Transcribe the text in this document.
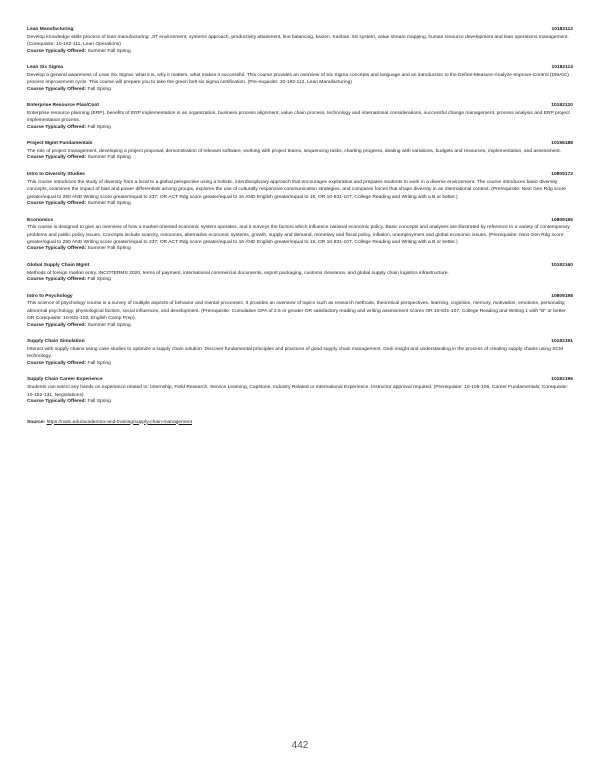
Lean Manufacturing	10182112
Develop knowledge skills process of lean manufacturing: JIT environment, systems approach, productivity attainment, line balancing, kaizen, Kanban. 5S system, value stream mapping, human resource development and lean operations management. (Corequisite: 10-182-111, Lean Operations)
Course Typically Offered: Summer Fall Spring
Lean Six Sigma	10182114
Develop a general awareness of Lean Six Sigma: what it is, why it matters, what makes it successful. This course provides an overview of Six Sigma concepts and language and an introduction to the Define-Measure-Analyze-Improve-Control (DMAIC) process improvement cycle. This course will prepare you to take the green belt six sigma certification. (Pre-requisite: 10-182-112, Lean Manufacturing)
Course Typically Offered: Fall Spring
Enterprise Resource Plan/Cont	10182120
Enterprise resource planning (ERP), benefits of ERP implementation in an organization, business process alignment, value chain process, technology and international considerations, successful change management, process analysis and ERP project implementation process.
Course Typically Offered: Fall Spring
Project Mgmt Fundamentals	10196188
The role of project management, developing a project proposal, demonstration of relevant software, working with project teams, sequencing tasks, charting progress, dealing with variations, budgets and resources, implementation, and assessment.
Course Typically Offered: Summer Fall Spring
Intro to Diversity Studies	10809172
This course introduces the study of diversity from a local to a global perspective using a holistic, interdisciplinary approach that encourages exploration and prepares students to work in a diverse environment. The course introduces basic diversity concepts, examines the impact of bias and power differentials among groups, explores the use of culturally responsive communication strategies, and compares forces that shape diversity in an international context. (Prerequisite: Next Gen Rdg score greater/equal to 250 AND Writing score greater/equal to 237; OR ACT Rdg score greater/equal to 16 AND English greater/equal to 15; OR 10-831-107, College Reading and Writing with a B or better.)
Course Typically Offered: Summer Fall Spring
Economics	10809195
This course is designed to give an overview of how a market-oriented economic system operates, and it surveys the factors which influence national economic policy. Basic concepts and analyses are illustrated by reference to a variety of contemporary problems and public policy issues. Concepts include scarcity, resources, alternative economic systems, growth, supply and demand, monetary and fiscal policy, inflation, unemployment and global economic issues. (Prerequisite: Next Gen Rdg score greater/equal to 250 AND Writing score greater/equal to 237; OR ACT Rdg score greater/equal to 16 AND English greater/equal to 15; OR 10-831-107, College Reading and Writing with a B or better.)
Course Typically Offered: Summer Fall Spring
Global Supply Chain Mgmt	10182160
Methods of foreign market entry, INCOTERMS 2020, terms of payment, international commercial documents, export packaging, customs clearance, and global supply chain logistics infrastructure.
Course Typically Offered: Fall Spring
Intro to Psychology	10809198
This science of psychology course is a survey of multiple aspects of behavior and mental processes. It provides an overview of topics such as research methods, theoretical perspectives, learning, cognition, memory, motivation, emotions, personality, abnormal psychology, physiological factors, social influences, and development. (Prerequisite: Cumulative GPA of 2.6 or greater OR satisfactory reading and writing assessment scores OR 10-831-107, College Reading and Writing 1 with "B" or better OR Corequisite: 10-831-102, English Comp Prep).
Course Typically Offered: Summer Fall Spring
Supply Chain Simulation	10182191
Interact with supply chains using case studies to optimize a supply chain solution. Discover fundamental principles and practices of good supply chain management. Gain insight and understanding in the process of creating supply chains using SCM technology.
Course Typically Offered: Fall Spring
Supply Chain Career Experience	10182196
Students can select any hands on experience related to: Internship, Field Research, Service Learning, Capstone, Industry Related or International Experience. Instructor approval required. (Prerequisite: 10-105-105, Career Fundamentals; Corequisite: 10-182-131, Negotiations)
Course Typically Offered: Fall Spring
Source: https://nwtc.edu/academics-and-training/supply-chain-management
442
